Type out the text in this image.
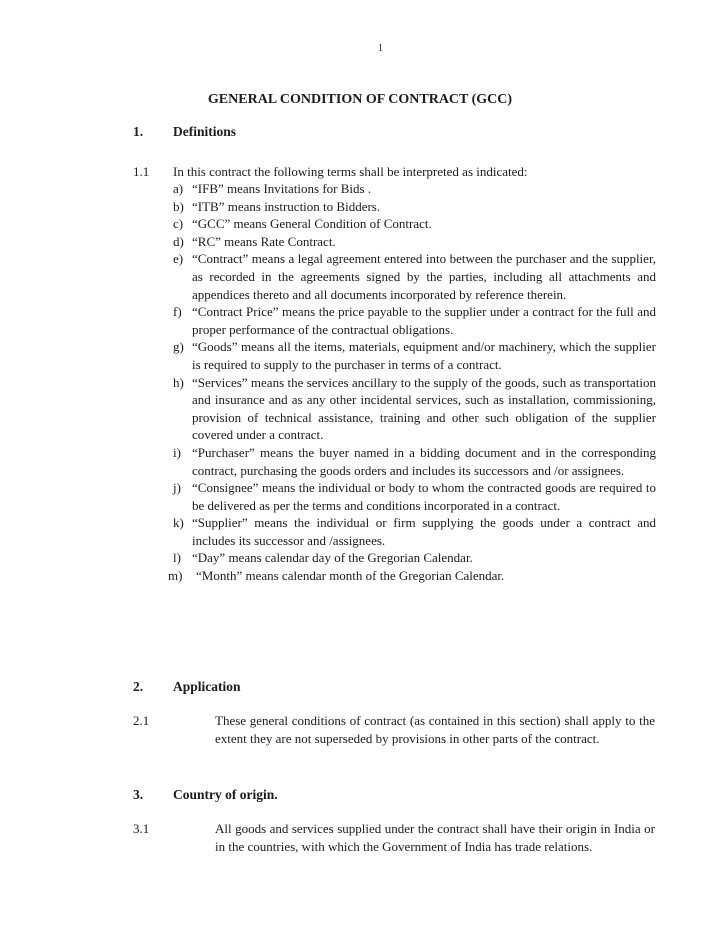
1
GENERAL CONDITION OF CONTRACT (GCC)
1. Definitions
1.1 In this contract the following terms shall be interpreted as indicated:
a) “IFB” means Invitations for Bids .
b) “ITB” means instruction to Bidders.
c) “GCC” means General Condition of Contract.
d) “RC” means Rate Contract.
e) “Contract” means a legal agreement entered into between the purchaser and the supplier, as recorded in the agreements signed by the parties, including all attachments and appendices thereto and all documents incorporated by reference therein.
f) “Contract Price” means the price payable to the supplier under a contract for the full and proper performance of the contractual obligations.
g) “Goods” means all the items, materials, equipment and/or machinery, which the supplier is required to supply to the purchaser in terms of a contract.
h) “Services” means the services ancillary to the supply of the goods, such as transportation and insurance and as any other incidental services, such as installation, commissioning, provision of technical assistance, training and other such obligation of the supplier covered under a contract.
i) “Purchaser” means the buyer named in a bidding document and in the corresponding contract, purchasing the goods orders and includes its successors and /or assignees.
j) “Consignee” means the individual or body to whom the contracted goods are required to be delivered as per the terms and conditions incorporated in a contract.
k) “Supplier” means the individual or firm supplying the goods under a contract and includes its successor and /assignees.
l) “Day” means calendar day of the Gregorian Calendar.
m) “Month” means calendar month of the Gregorian Calendar.
2. Application
2.1	These general conditions of contract (as contained in this section) shall apply to the extent they are not superseded by provisions in other parts of the contract.
3. Country of origin.
3.1	All goods and services supplied under the contract shall have their origin in India or in the countries, with which the Government of India has trade relations.
